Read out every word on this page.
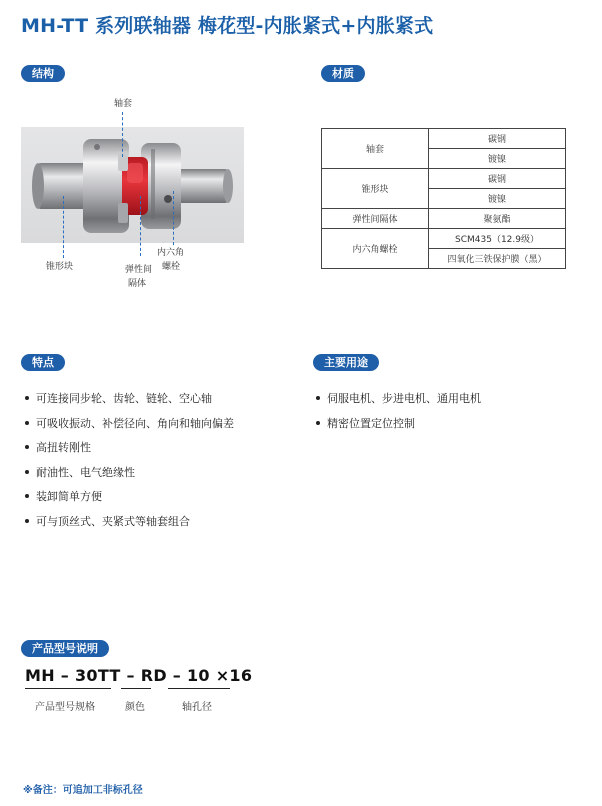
MH-TT 系列联轴器 梅花型-内胀紧式+内胀紧式
结构	材质
轴套
锥形块	弹性间
隔体
内六角
螺栓
轴套	碳钢
	镀镍
锥形块	碳钢
	镀镍
弹性间隔体	聚氨酯
内六角螺栓	SCM435（12.9级）
	四氧化三铁保护膜（黑）
特点	主要用途
可连接同步轮、齿轮、链轮、空心轴
可吸收振动、补偿径向、角向和轴向偏差
高扭转刚性
耐油性、电气绝缘性
装卸简单方便
可与顶丝式、夹紧式等轴套组合
伺服电机、步进电机、通用电机
精密位置定位控制
产品型号说明
MH – 30TT – RD – 10 ×16
产品型号规格	颜色	轴孔径
※备注：可追加工非标孔径
